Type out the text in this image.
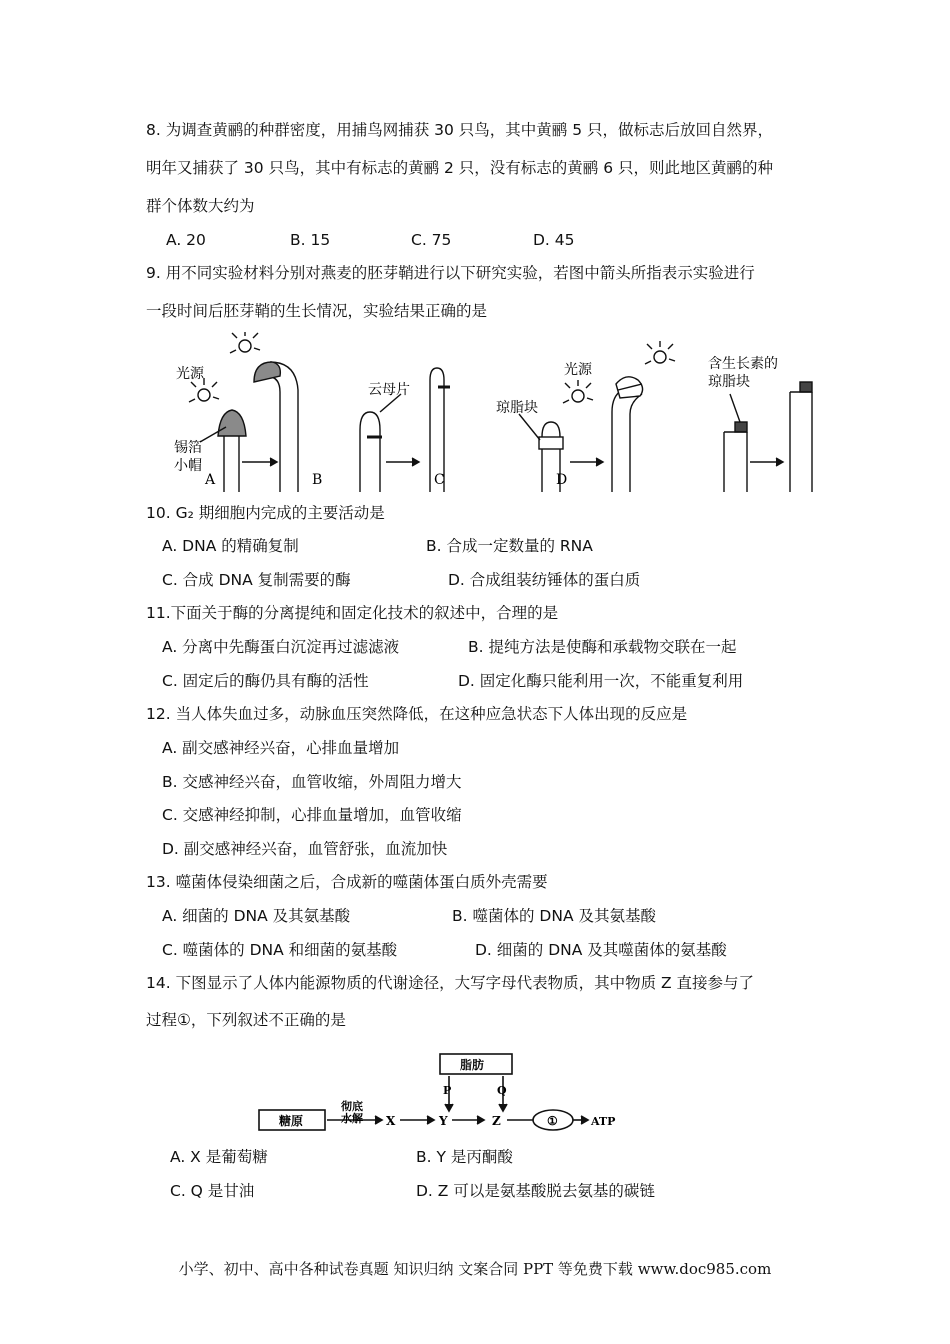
8. 为调查黄鹂的种群密度，用捕鸟网捕获 30 只鸟，其中黄鹂 5 只，做标志后放回自然界，
明年又捕获了 30 只鸟，其中有标志的黄鹂 2 只，没有标志的黄鹂 6 只，则此地区黄鹂的种
群个体数大约为
A. 20	B. 15	C. 75	D. 45
9. 用不同实验材料分别对燕麦的胚芽鞘进行以下研究实验，若图中箭头所指表示实验进行
一段时间后胚芽鞘的生长情况，实验结果正确的是
光源
锡箔
小帽
云母片
光源
琼脂块
含生长素的
琼脂块
A	B	C	D
10. G₂ 期细胞内完成的主要活动是
A. DNA 的精确复制	B. 合成一定数量的 RNA
C. 合成 DNA 复制需要的酶	D. 合成组装纺锤体的蛋白质
11.下面关于酶的分离提纯和固定化技术的叙述中，合理的是
A. 分离中先酶蛋白沉淀再过滤滤液	B. 提纯方法是使酶和承载物交联在一起
C. 固定后的酶仍具有酶的活性	D. 固定化酶只能利用一次，不能重复利用
12. 当人体失血过多，动脉血压突然降低，在这种应急状态下人体出现的反应是
A. 副交感神经兴奋，心排血量增加
B. 交感神经兴奋，血管收缩，外周阻力增大
C. 交感神经抑制，心排血量增加，血管收缩
D. 副交感神经兴奋，血管舒张，血流加快
13. 噬菌体侵染细菌之后，合成新的噬菌体蛋白质外壳需要
A. 细菌的 DNA 及其氨基酸	B. 噬菌体的 DNA 及其氨基酸
C. 噬菌体的 DNA 和细菌的氨基酸	D. 细菌的 DNA 及其噬菌体的氨基酸
14. 下图显示了人体内能源物质的代谢途径，大写字母代表物质，其中物质 Z 直接参与了
过程①，下列叙述不正确的是
脂肪
糖原
彻底
水解 X	Y	Z
P	Q
①	ATP
A. X 是葡萄糖	B. Y 是丙酮酸
C. Q 是甘油	D. Z 可以是氨基酸脱去氨基的碳链
小学、初中、高中各种试卷真题 知识归纳 文案合同 PPT 等免费下载 www.doc985.com
